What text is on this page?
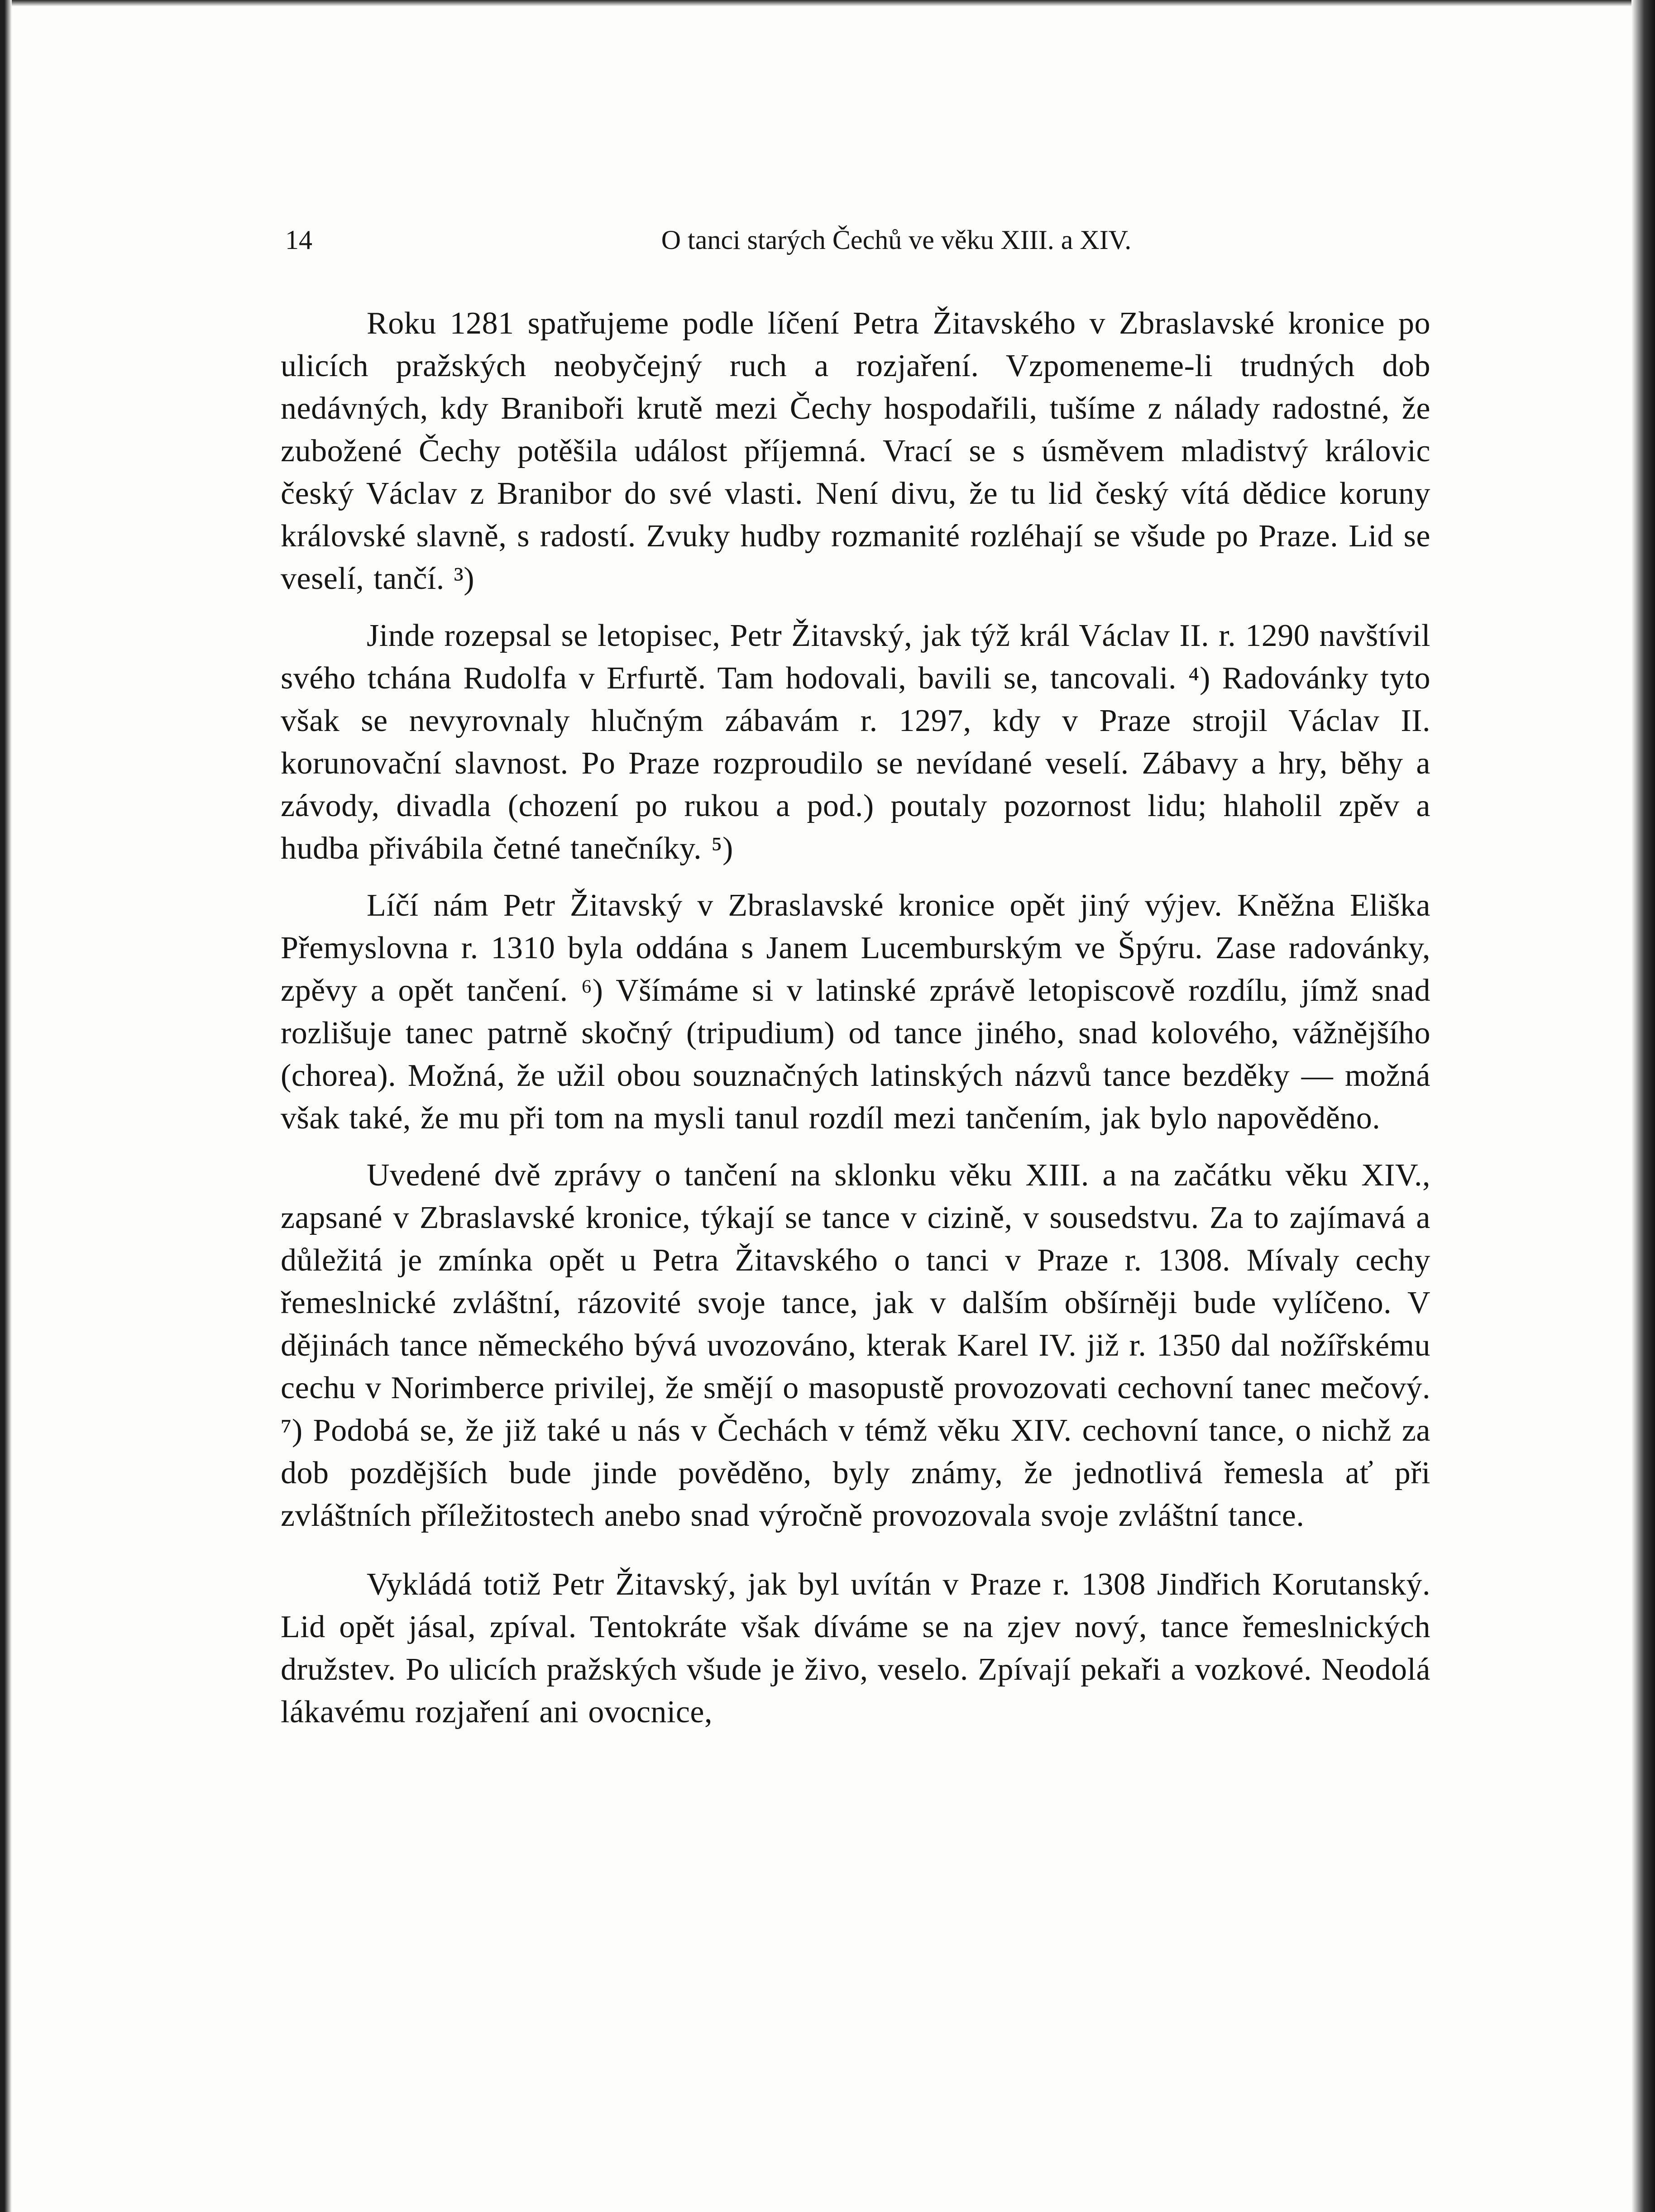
14	O tanci starých Čechů ve věku XIII. a XIV.

Roku 1281 spatřujeme podle líčení Petra Žitavského v Zbraslavské kronice po ulicích pražských neobyčejný ruch a rozjaření. Vzpomeneme-li trudných dob nedávných, kdy Braniboři krutě mezi Čechy hospodařili, tušíme z nálady radostné, že zubožené Čechy potěšila událost příjemná. Vrací se s úsměvem mladistvý královic český Václav z Branibor do své vlasti. Není divu, že tu lid český vítá dědice koruny královské slavně, s radostí. Zvuky hudby rozmanité rozléhají se všude po Praze. Lid se veselí, tančí. ³)

Jinde rozepsal se letopisec, Petr Žitavský, jak týž král Václav II. r. 1290 navštívil svého tchána Rudolfa v Erfurtě. Tam hodovali, bavili se, tancovali. ⁴) Radovánky tyto však se nevyrovnaly hlučným zábavám r. 1297, kdy v Praze strojil Václav II. korunovační slavnost. Po Praze rozproudilo se nevídané veselí. Zábavy a hry, běhy a závody, divadla (chození po rukou a pod.) poutaly pozornost lidu; hlaholil zpěv a hudba přivábila četné tanečníky. ⁵)

Líčí nám Petr Žitavský v Zbraslavské kronice opět jiný výjev. Kněžna Eliška Přemyslovna r. 1310 byla oddána s Janem Lucemburským ve Špýru. Zase radovánky, zpěvy a opět tančení. ⁶) Všímáme si v latinské zprávě letopiscově rozdílu, jímž snad rozlišuje tanec patrně skočný (tripudium) od tance jiného, snad kolového, vážnějšího (chorea). Možná, že užil obou souznačných latinských názvů tance bezděky — možná však také, že mu při tom na mysli tanul rozdíl mezi tančením, jak bylo napověděno.

Uvedené dvě zprávy o tančení na sklonku věku XIII. a na začátku věku XIV., zapsané v Zbraslavské kronice, týkají se tance v cizině, v sousedstvu. Za to zajímavá a důležitá je zmínka opět u Petra Žitavského o tanci v Praze r. 1308. Mívaly cechy řemeslnické zvláštní, rázovité svoje tance, jak v dalším obšírněji bude vylíčeno. V dějinách tance německého bývá uvozováno, kterak Karel IV. již r. 1350 dal nožířskému cechu v Norimberce privilej, že smějí o masopustě provozovati cechovní tanec mečový. ⁷) Podobá se, že již také u nás v Čechách v témž věku XIV. cechovní tance, o nichž za dob pozdějších bude jinde pověděno, byly známy, že jednotlivá řemesla ať při zvláštních příležitostech anebo snad výročně provozovala svoje zvláštní tance.

Vykládá totiž Petr Žitavský, jak byl uvítán v Praze r. 1308 Jindřich Korutanský. Lid opět jásal, zpíval. Tentokráte však díváme se na zjev nový, tance řemeslnických družstev. Po ulicích pražských všude je živo, veselo. Zpívají pekaři a vozkové. Neodolá lákavému rozjaření ani ovocnice,
